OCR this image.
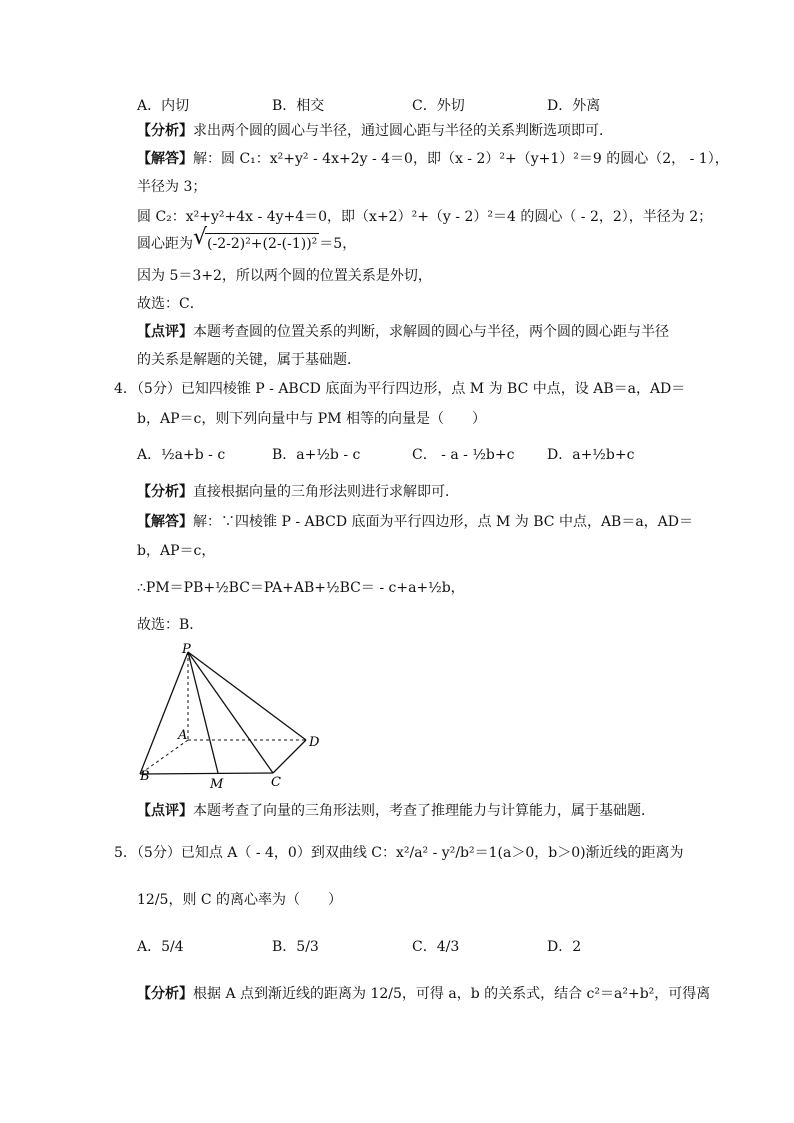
A．内切	B．相交	C．外切	D．外离
【分析】求出两个圆的圆心与半径，通过圆心距与半径的关系判断选项即可．
【解答】解：圆 C₁：x²+y² - 4x+2y - 4＝0，即（x - 2）²+（y+1）²＝9 的圆心（2， - 1），
半径为 3；
圆 C₂：x²+y²+4x - 4y+4＝0，即（x+2）²+（y - 2）²＝4 的圆心（ - 2，2），半径为 2；
圆心距为 √ (-2-2)²+(2-(-1))² ＝5，
因为 5＝3+2，所以两个圆的位置关系是外切，
故选：C．
【点评】本题考查圆的位置关系的判断，求解圆的圆心与半径，两个圆的圆心距与半径
的关系是解题的关键，属于基础题．
4．（5分）已知四棱锥 P - ABCD 底面为平行四边形，点 M 为 BC 中点，设 AB＝a，AD＝
b，AP＝c，则下列向量中与 PM 相等的向量是（　　）
A．½a+b - c	B．a+½b - c	C． - a - ½b+c D．a+½b+c
【分析】直接根据向量的三角形法则进行求解即可．
【解答】解：∵四棱锥 P - ABCD 底面为平行四边形，点 M 为 BC 中点，AB＝a，AD＝
b，AP＝c，
∴PM＝PB+½BC＝PA+AB+½BC＝ - c+a+½b，
故选：B．
P
A
B
M	C
D
【点评】本题考查了向量的三角形法则，考查了推理能力与计算能力，属于基础题．
5．（5分）已知点 A（ - 4，0）到双曲线 C：x²/a² - y²/b²＝1(a＞0，b＞0)渐近线的距离为
12/5，则 C 的离心率为（　　）
A．5/4	B．5/3	C．4/3	D．2
【分析】根据 A 点到渐近线的距离为 12/5，可得 a，b 的关系式，结合 c²＝a²+b²，可得离
